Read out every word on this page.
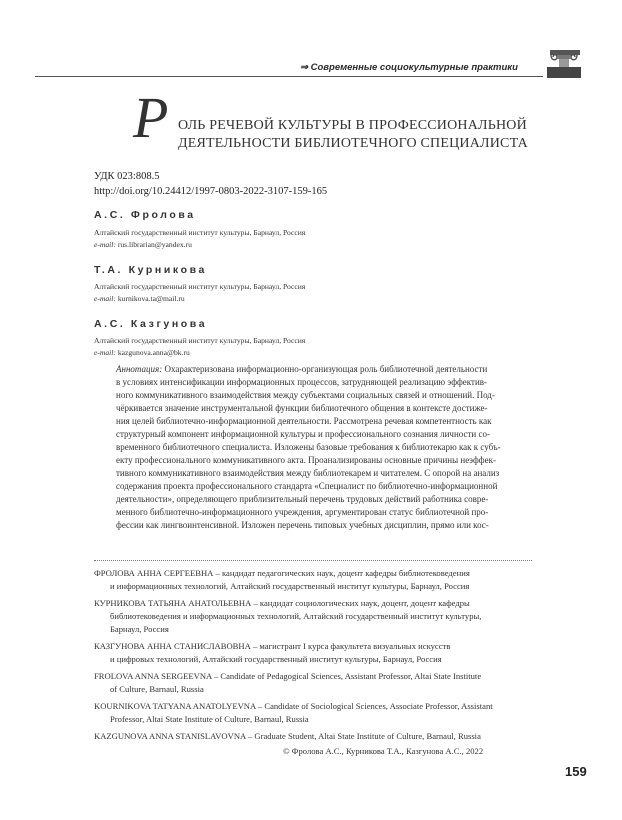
⇒ Современные социокультурные практики
Р ОЛЬ РЕЧЕВОЙ КУЛЬТУРЫ В ПРОФЕССИОНАЛЬНОЙ
ДЕЯТЕЛЬНОСТИ БИБЛИОТЕЧНОГО СПЕЦИАЛИСТА
УДК 023:808.5
http://doi.org/10.24412/1997-0803-2022-3107-159-165
А.С. Фролова
Алтайский государственный институт культуры, Барнаул, Россия
e-mail: rus.librarian@yandex.ru
Т.А. Курникова
Алтайский государственный институт культуры, Барнаул, Россия
e-mail: kurnikova.ta@mail.ru
А.С. Казгунова
Алтайский государственный институт культуры, Барнаул, Россия
e-mail: kazgunova.anna@bk.ru
Аннотация: Охарактеризована информационно-организующая роль библиотечной деятельности
в условиях интенсификации информационных процессов, затрудняющей реализацию эффектив-
ного коммуникативного взаимодействия между субъектами социальных связей и отношений. Под-
чёркивается значение инструментальной функции библиотечного общения в контексте достиже-
ния целей библиотечно-информационной деятельности. Рассмотрена речевая компетентность как
структурный компонент информационной культуры и профессионального сознания личности со-
временного библиотечного специалиста. Изложены базовые требования к библиотекарю как к субъ-
екту профессионального коммуникативного акта. Проанализированы основные причины неэффек-
тивного коммуникативного взаимодействия между библиотекарем и читателем. С опорой на анализ
содержания проекта профессионального стандарта «Специалист по библиотечно-информационной
деятельности», определяющего приблизительный перечень трудовых действий работника совре-
менного библиотечно-информационного учреждения, аргументирован статус библиотечной про-
фессии как лингвоинтенсивной. Изложен перечень типовых учебных дисциплин, прямо или кос-
ФРОЛОВА АННА СЕРГЕЕВНА – кандидат педагогических наук, доцент кафедры библиотековедения
и информационных технологий, Алтайский государственный институт культуры, Барнаул, Россия
КУРНИКОВА ТАТЬЯНА АНАТОЛЬЕВНА – кандидат социологических наук, доцент, доцент кафедры
библиотековедения и информационных технологий, Алтайский государственный институт культуры,
Барнаул, Россия
КАЗГУНОВА АННА СТАНИСЛАВОВНА – магистрант I курса факультета визуальных искусств
и цифровых технологий, Алтайский государственный институт культуры, Барнаул, Россия
FROLOVA ANNA SERGEEVNA – Candidate of Pedagogical Sciences, Assistant Professor, Altai State Institute
of Culture, Barnaul, Russia
KOURNIKOVA TATYANA ANATOLYEVNA – Candidate of Sociological Sciences, Associate Professor, Assistant
Professor, Altai State Institute of Culture, Barnaul, Russia
KAZGUNOVA ANNA STANISLAVOVNA – Graduate Student, Altai State Institute of Culture, Barnaul, Russia
© Фролова А.С., Курникова Т.А., Казгунова А.С., 2022
159
